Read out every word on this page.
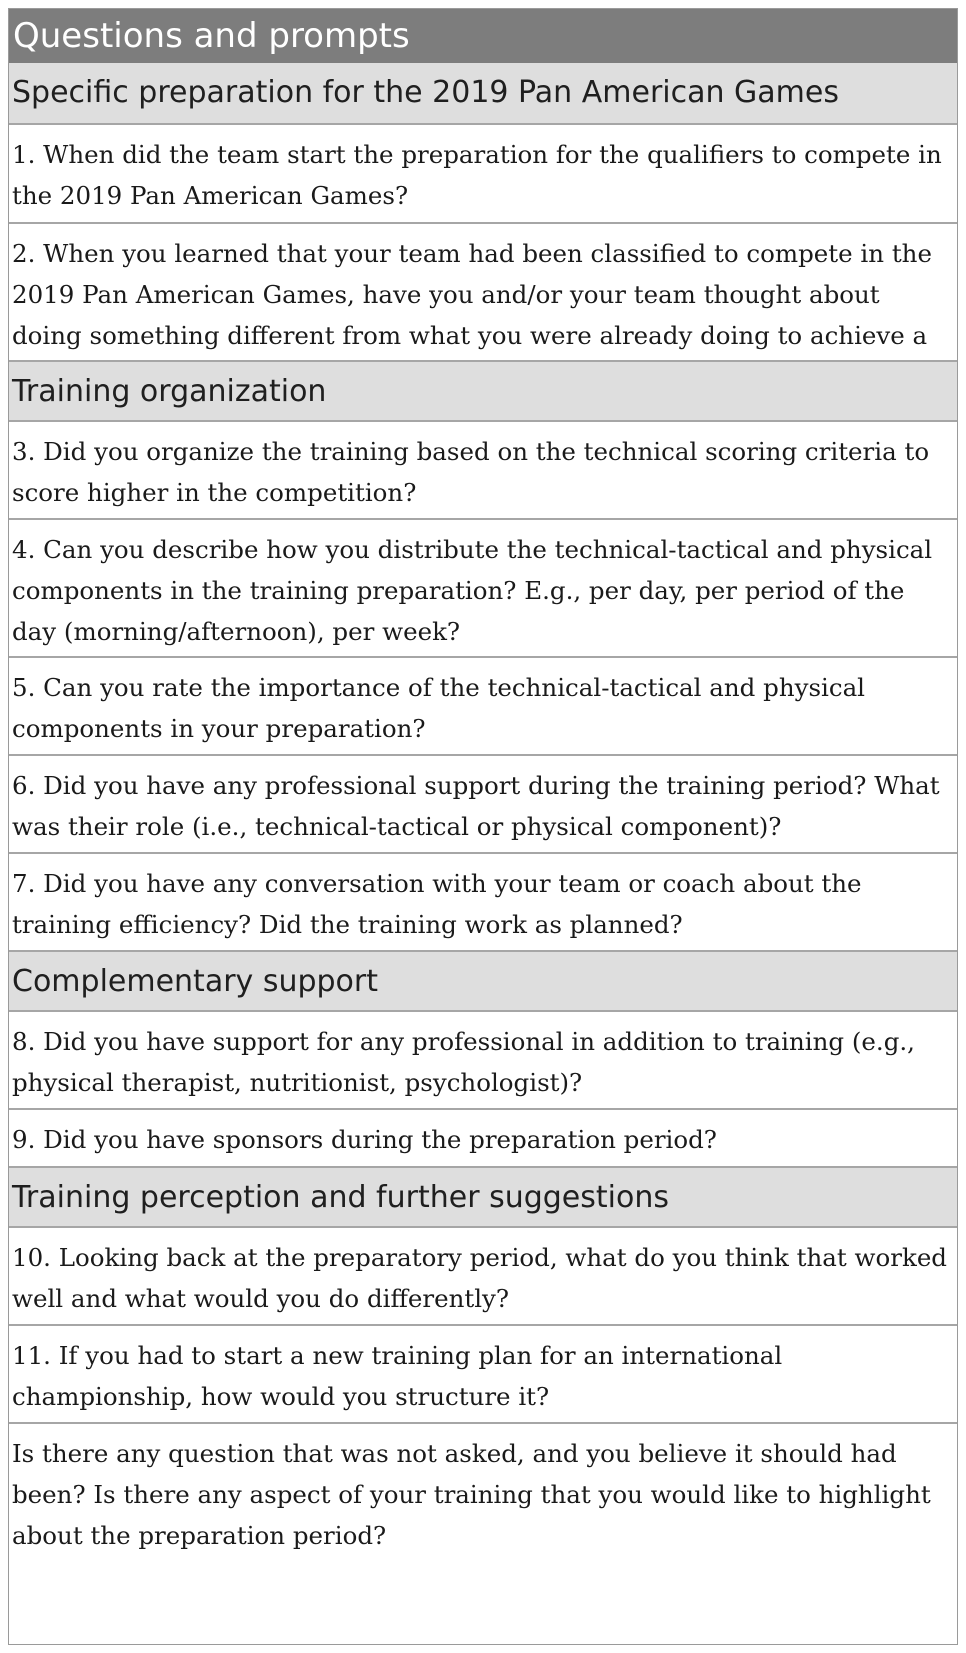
Questions and prompts
Specific preparation for the 2019 Pan American Games
1. When did the team start the preparation for the qualifiers to compete in the 2019 Pan American Games?
2. When you learned that your team had been classified to compete in the 2019 Pan American Games, have you and/or your team thought about doing something different from what you were already doing to achieve a
Training organization
3. Did you organize the training based on the technical scoring criteria to score higher in the competition?
4. Can you describe how you distribute the technical-tactical and physical components in the training preparation? E.g., per day, per period of the day (morning/afternoon), per week?
5. Can you rate the importance of the technical-tactical and physical components in your preparation?
6. Did you have any professional support during the training period? What was their role (i.e., technical-tactical or physical component)?
7. Did you have any conversation with your team or coach about the training efficiency? Did the training work as planned?
Complementary support
8. Did you have support for any professional in addition to training (e.g., physical therapist, nutritionist, psychologist)?
9. Did you have sponsors during the preparation period?
Training perception and further suggestions
10. Looking back at the preparatory period, what do you think that worked well and what would you do differently?
11. If you had to start a new training plan for an international championship, how would you structure it?
Is there any question that was not asked, and you believe it should had been? Is there any aspect of your training that you would like to highlight about the preparation period?
